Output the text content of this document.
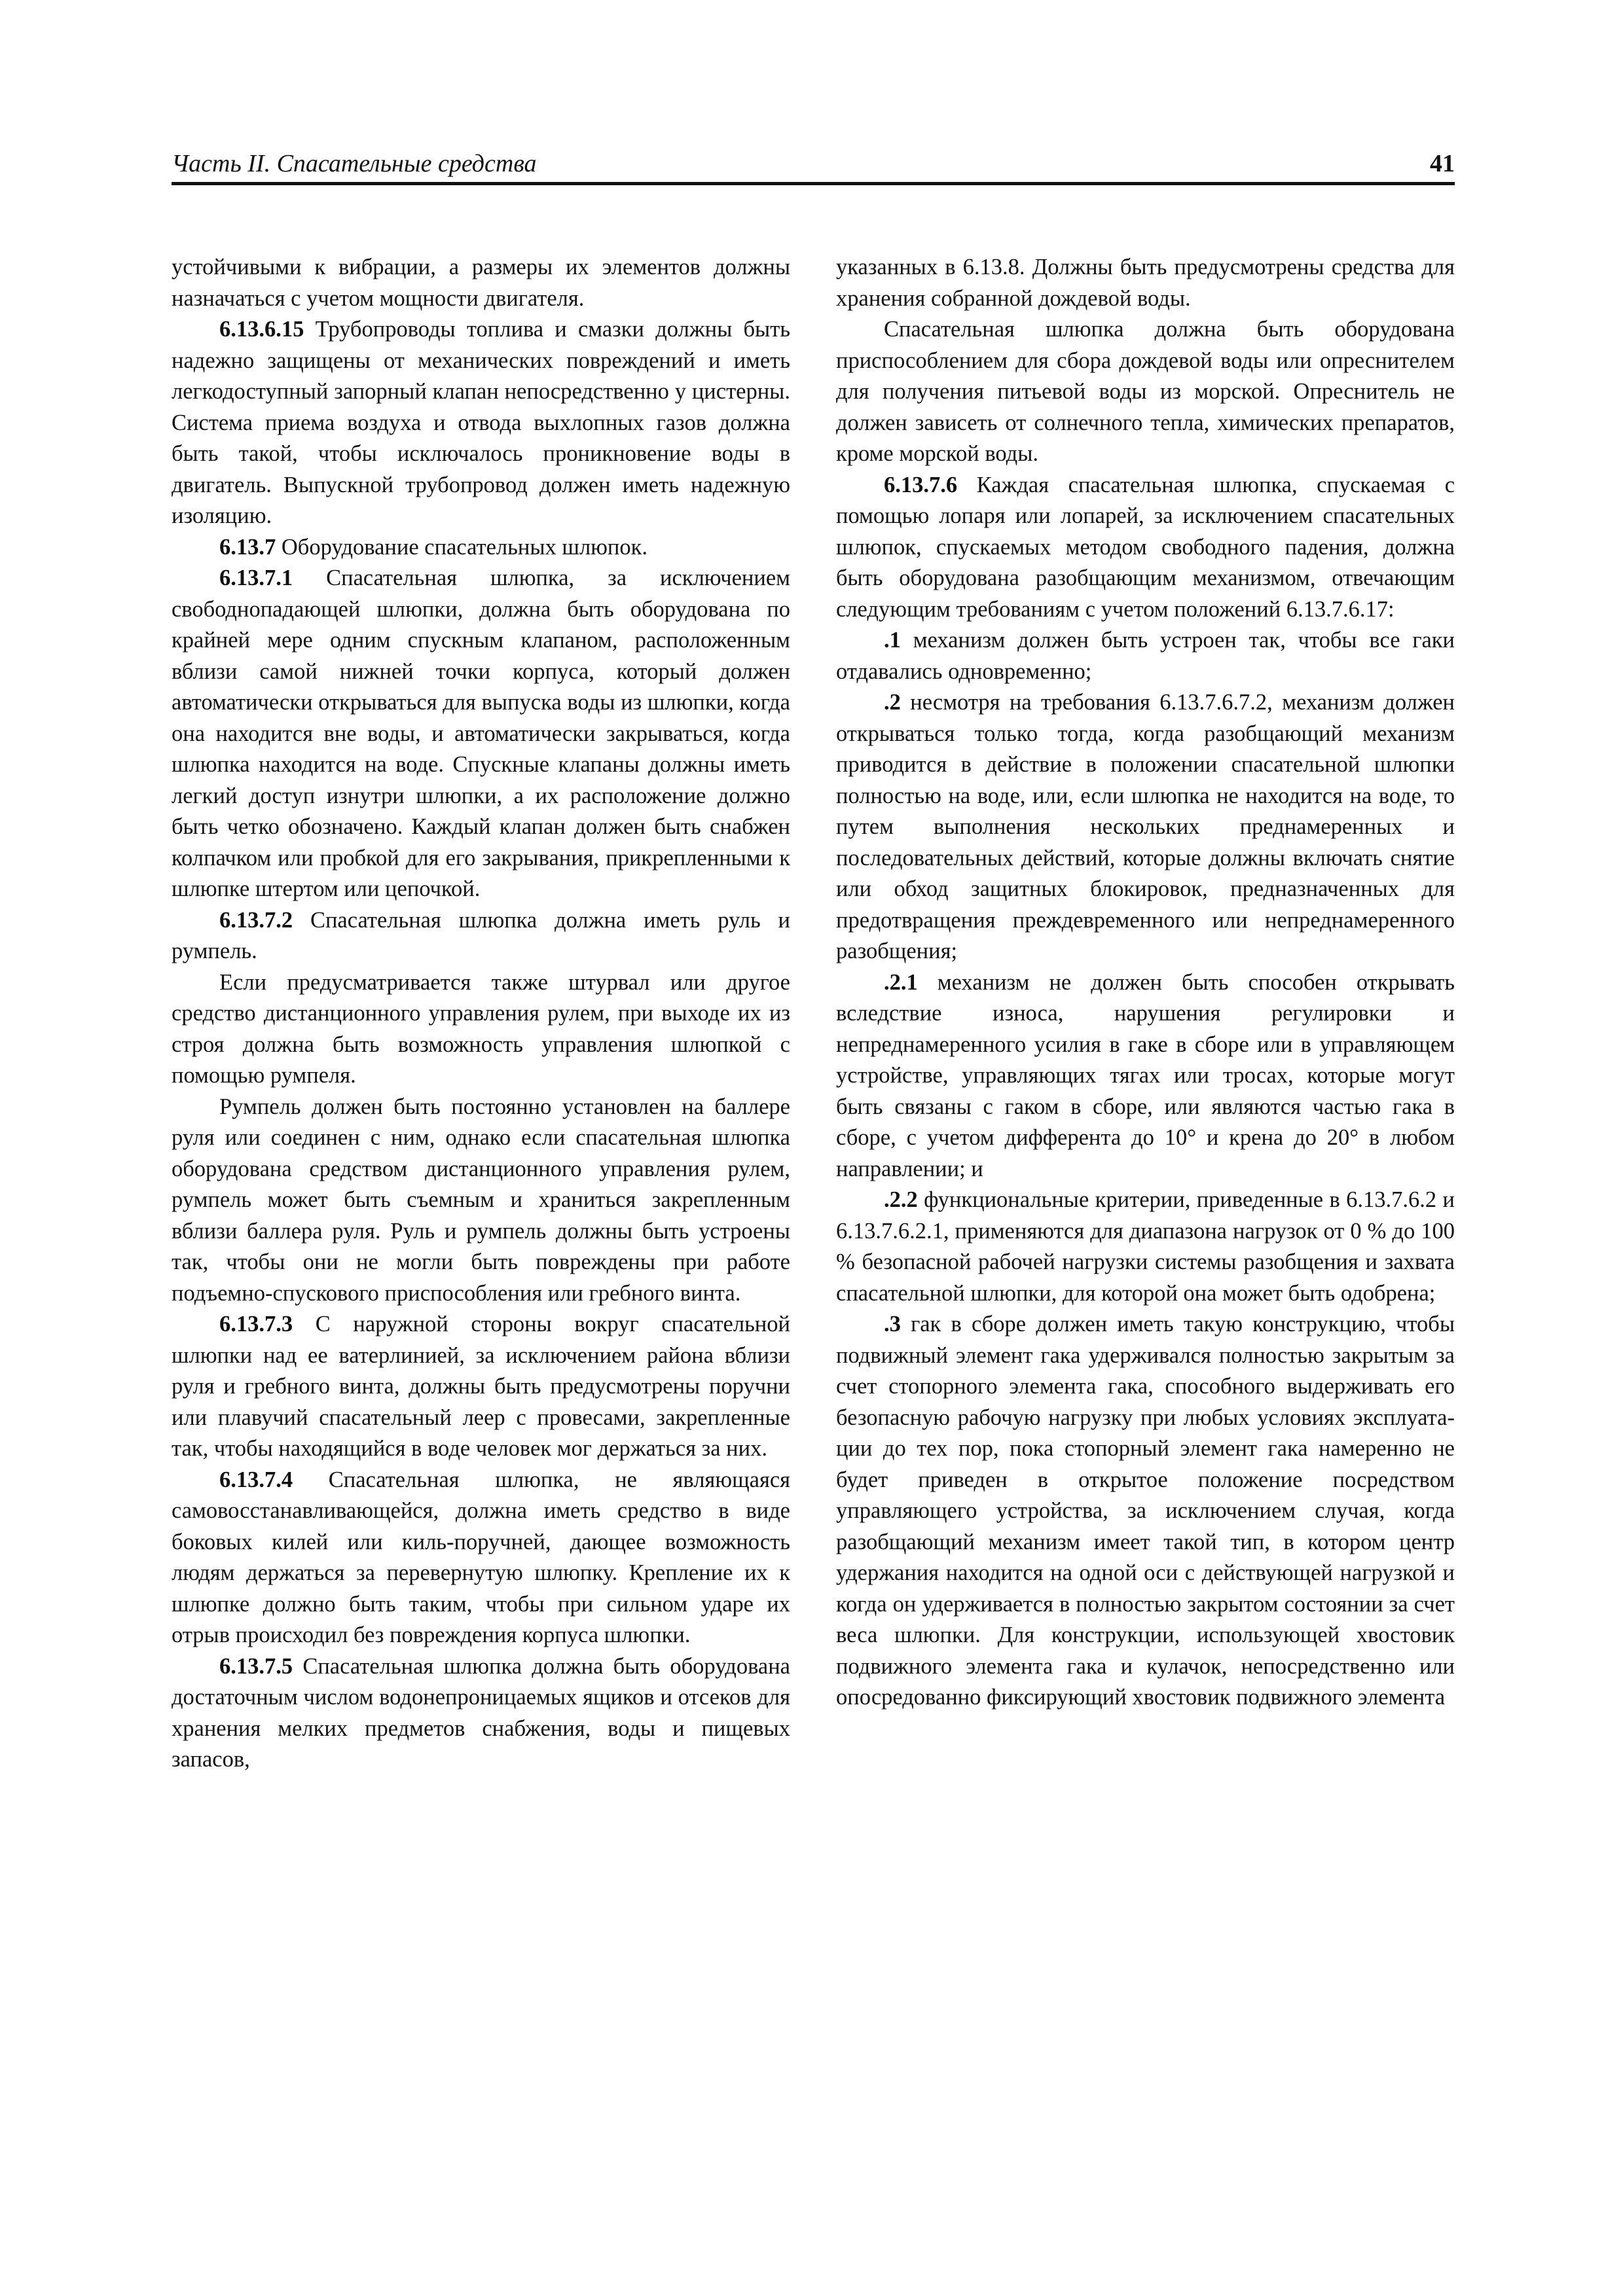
Часть II. Спасательные средства	41

устойчивыми к вибрации, а размеры их элементов должны назначаться с учетом мощности двигателя.

6.13.6.15 Трубопроводы топлива и смазки должны быть надежно защищены от механических повреждений и иметь легкодоступный запорный клапан непосредственно у цистерны. Система приема воздуха и отвода выхлопных газов должна быть такой, чтобы исключалось проникновение воды в двигатель. Выпускной трубопровод должен иметь надежную изоляцию.

6.13.7 Оборудование спасательных шлюпок.

6.13.7.1 Спасательная шлюпка, за исключением свободнопадающей шлюпки, должна быть оборудована по крайней мере одним спускным клапаном, расположенным вблизи самой нижней точки корпуса, который должен автоматически открываться для выпуска воды из шлюпки, когда она находится вне воды, и автоматически закрываться, когда шлюпка находится на воде. Спускные клапаны должны иметь легкий доступ изнутри шлюпки, а их расположение должно быть четко обозначено. Каждый клапан должен быть снабжен колпачком или пробкой для его закрывания, прикрепленными к шлюпке штертом или цепочкой.

6.13.7.2 Спасательная шлюпка должна иметь руль и румпель.

Если предусматривается также штурвал или другое средство дистанционного управления рулем, при выходе их из строя должна быть возможность управления шлюпкой с помощью румпеля.

Румпель должен быть постоянно установлен на баллере руля или соединен с ним, однако если спасательная шлюпка оборудована средством дистанционного управления рулем, румпель может быть съемным и храниться закрепленным вблизи баллера руля. Руль и румпель должны быть устроены так, чтобы они не могли быть повреждены при работе подъемно-спускового приспособления или гребного винта.

6.13.7.3 С наружной стороны вокруг спасательной шлюпки над ее ватерлинией, за исключением района вблизи руля и гребного винта, должны быть предусмотрены поручни или плавучий спасательный леер с провесами, закрепленные так, чтобы находящийся в воде человек мог держаться за них.

6.13.7.4 Спасательная шлюпка, не являющаяся самовосстанавливающейся, должна иметь средство в виде боковых килей или киль-поручней, дающее возможность людям держаться за перевернутую шлюпку. Крепление их к шлюпке должно быть таким, чтобы при сильном ударе их отрыв происходил без повреждения корпуса шлюпки.

6.13.7.5 Спасательная шлюпка должна быть оборудована достаточным числом водонепроницаемых ящиков и отсеков для хранения мелких предметов снабжения, воды и пищевых запасов,

указанных в 6.13.8. Должны быть предусмотрены средства для хранения собранной дождевой воды.

Спасательная шлюпка должна быть оборудована приспособлением для сбора дождевой воды или опреснителем для получения питьевой воды из морской. Опреснитель не должен зависеть от солнечного тепла, химических препаратов, кроме морской воды.

6.13.7.6 Каждая спасательная шлюпка, спускаемая с помощью лопаря или лопарей, за исключением спасательных шлюпок, спускаемых методом свободного падения, должна быть оборудована разобщающим механизмом, отвечающим следующим требованиям с учетом положений 6.13.7.6.17:

.1 механизм должен быть устроен так, чтобы все гаки отдавались одновременно;

.2 несмотря на требования 6.13.7.6.7.2, механизм должен открываться только тогда, когда разобщающий механизм приводится в действие в положении спасательной шлюпки полностью на воде, или, если шлюпка не находится на воде, то путем выполнения нескольких преднамеренных и последовательных действий, которые должны включать снятие или обход защитных блокировок, предназначенных для предотвращения преждевременного или непреднамеренного разобщения;

.2.1 механизм не должен быть способен открывать вследствие износа, нарушения регулировки и непреднамеренного усилия в гаке в сборе или в управляющем устройстве, управляющих тягах или тросах, которые могут быть связаны с гаком в сборе, или являются частью гака в сборе, с учетом дифферента до 10° и крена до 20° в любом направлении; и

.2.2 функциональные критерии, приведенные в 6.13.7.6.2 и 6.13.7.6.2.1, применяются для диапазона нагрузок от 0 % до 100 % безопасной рабочей нагрузки системы разобщения и захвата спасательной шлюпки, для которой она может быть одобрена;

.3 гак в сборе должен иметь такую конструкцию, чтобы подвижный элемент гака удерживался полностью закрытым за счет стопорного элемента гака, способного выдерживать его безопасную рабочую нагрузку при любых условиях эксплуатации до тех пор, пока стопорный элемент гака намеренно не будет приведен в открытое положение посредством управляющего устройства, за исключением случая, когда разобщающий механизм имеет такой тип, в котором центр удержания находится на одной оси с действующей нагрузкой и когда он удерживается в полностью закрытом состоянии за счет веса шлюпки. Для конструкции, использующей хвостовик подвижного элемента гака и кулачок, непосредственно или опосредованно фиксирующий хвостовик подвижного элемента
